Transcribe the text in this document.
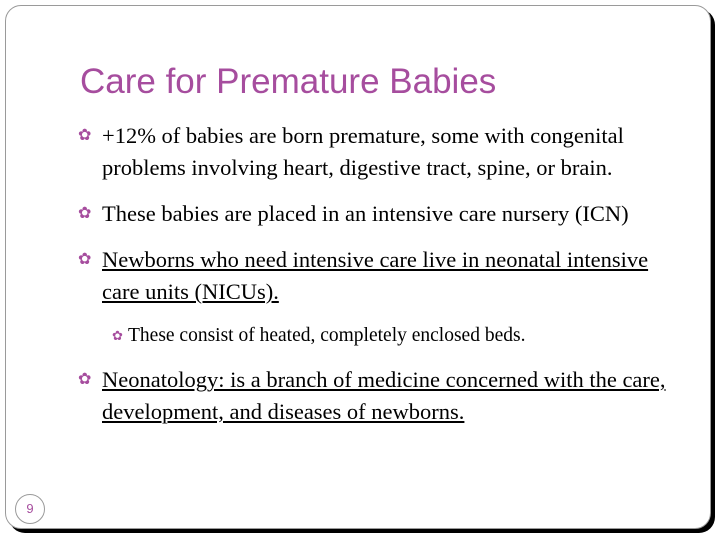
Care for Premature Babies
✿ +12% of babies are born premature, some with congenital problems involving heart, digestive tract, spine, or brain.
✿ These babies are placed in an intensive care nursery (ICN)
✿ Newborns who need intensive care live in neonatal intensive care units (NICUs).
✿ These consist of heated, completely enclosed beds.
✿ Neonatology: is a branch of medicine concerned with the care, development, and diseases of newborns.
9
